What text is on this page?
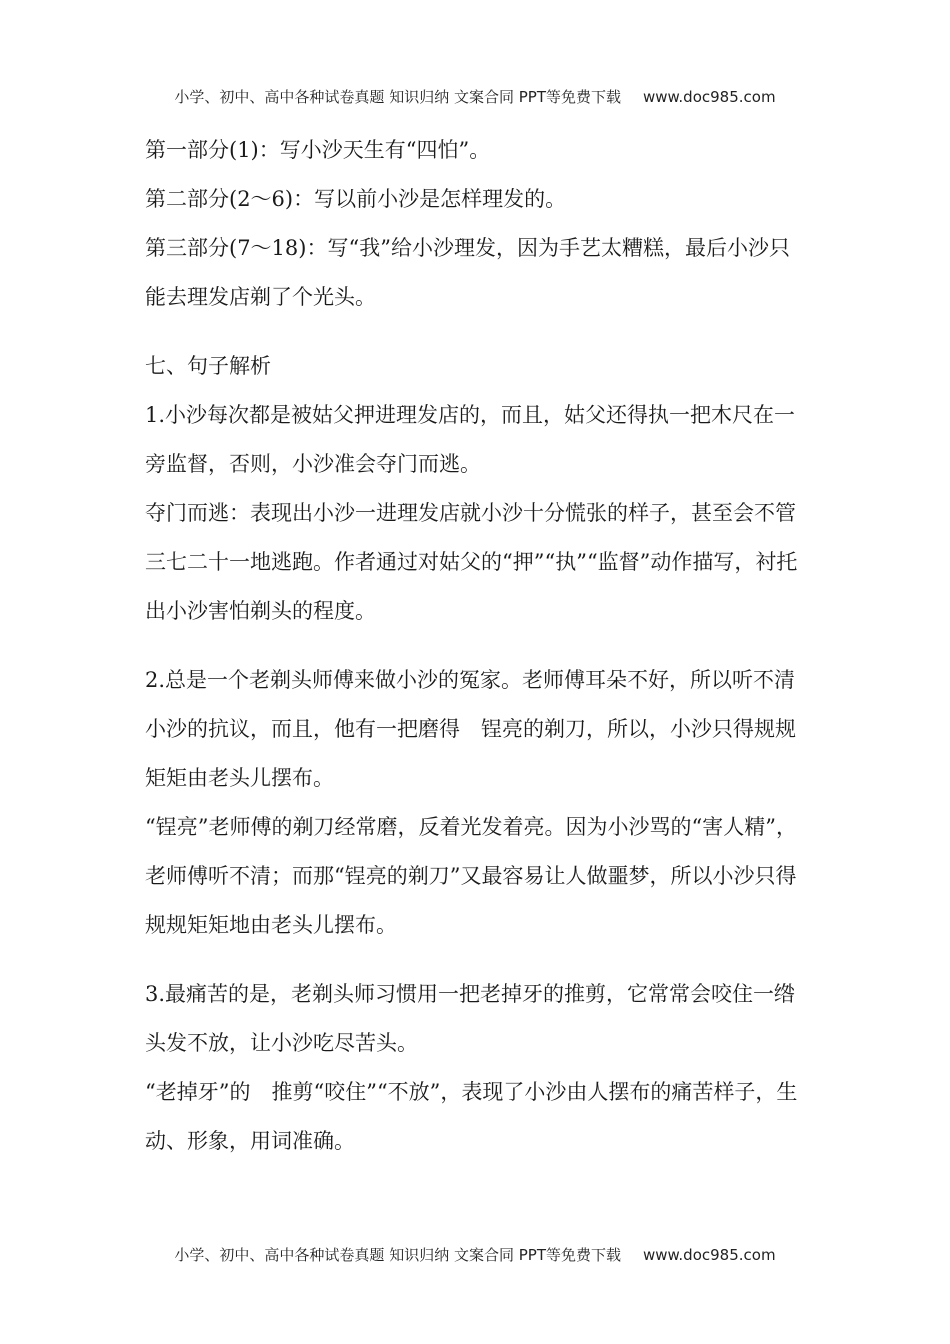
小学、初中、高中各种试卷真题 知识归纳 文案合同 PPT等免费下载 www.doc985.com

第一部分(1)：写小沙天生有“四怕”。

第二部分(2～6)：写以前小沙是怎样理发的。

第三部分(7～18)：写“我”给小沙理发，因为手艺太糟糕，最后小沙只能去理发店剃了个光头。

七、句子解析

1.小沙每次都是被姑父押进理发店的，而且，姑父还得执一把木尺在一旁监督，否则，小沙准会夺门而逃。

夺门而逃：表现出小沙一进理发店就小沙十分慌张的样子，甚至会不管三七二十一地逃跑。作者通过对姑父的“押”“执”“监督”动作描写，衬托出小沙害怕剃头的程度。

2.总是一个老剃头师傅来做小沙的冤家。老师傅耳朵不好，所以听不清小沙的抗议，而且，他有一把磨得　锃亮的剃刀，所以，小沙只得规规矩矩由老头儿摆布。

“锃亮”老师傅的剃刀经常磨，反着光发着亮。因为小沙骂的“害人精”，老师傅听不清；而那“锃亮的剃刀”又最容易让人做噩梦，所以小沙只得规规矩矩地由老头儿摆布。

3.最痛苦的是，老剃头师习惯用一把老掉牙的推剪，它常常会咬住一绺头发不放，让小沙吃尽苦头。

“老掉牙”的　推剪“咬住”“不放”，表现了小沙由人摆布的痛苦样子，生动、形象，用词准确。

小学、初中、高中各种试卷真题 知识归纳 文案合同 PPT等免费下载 www.doc985.com
